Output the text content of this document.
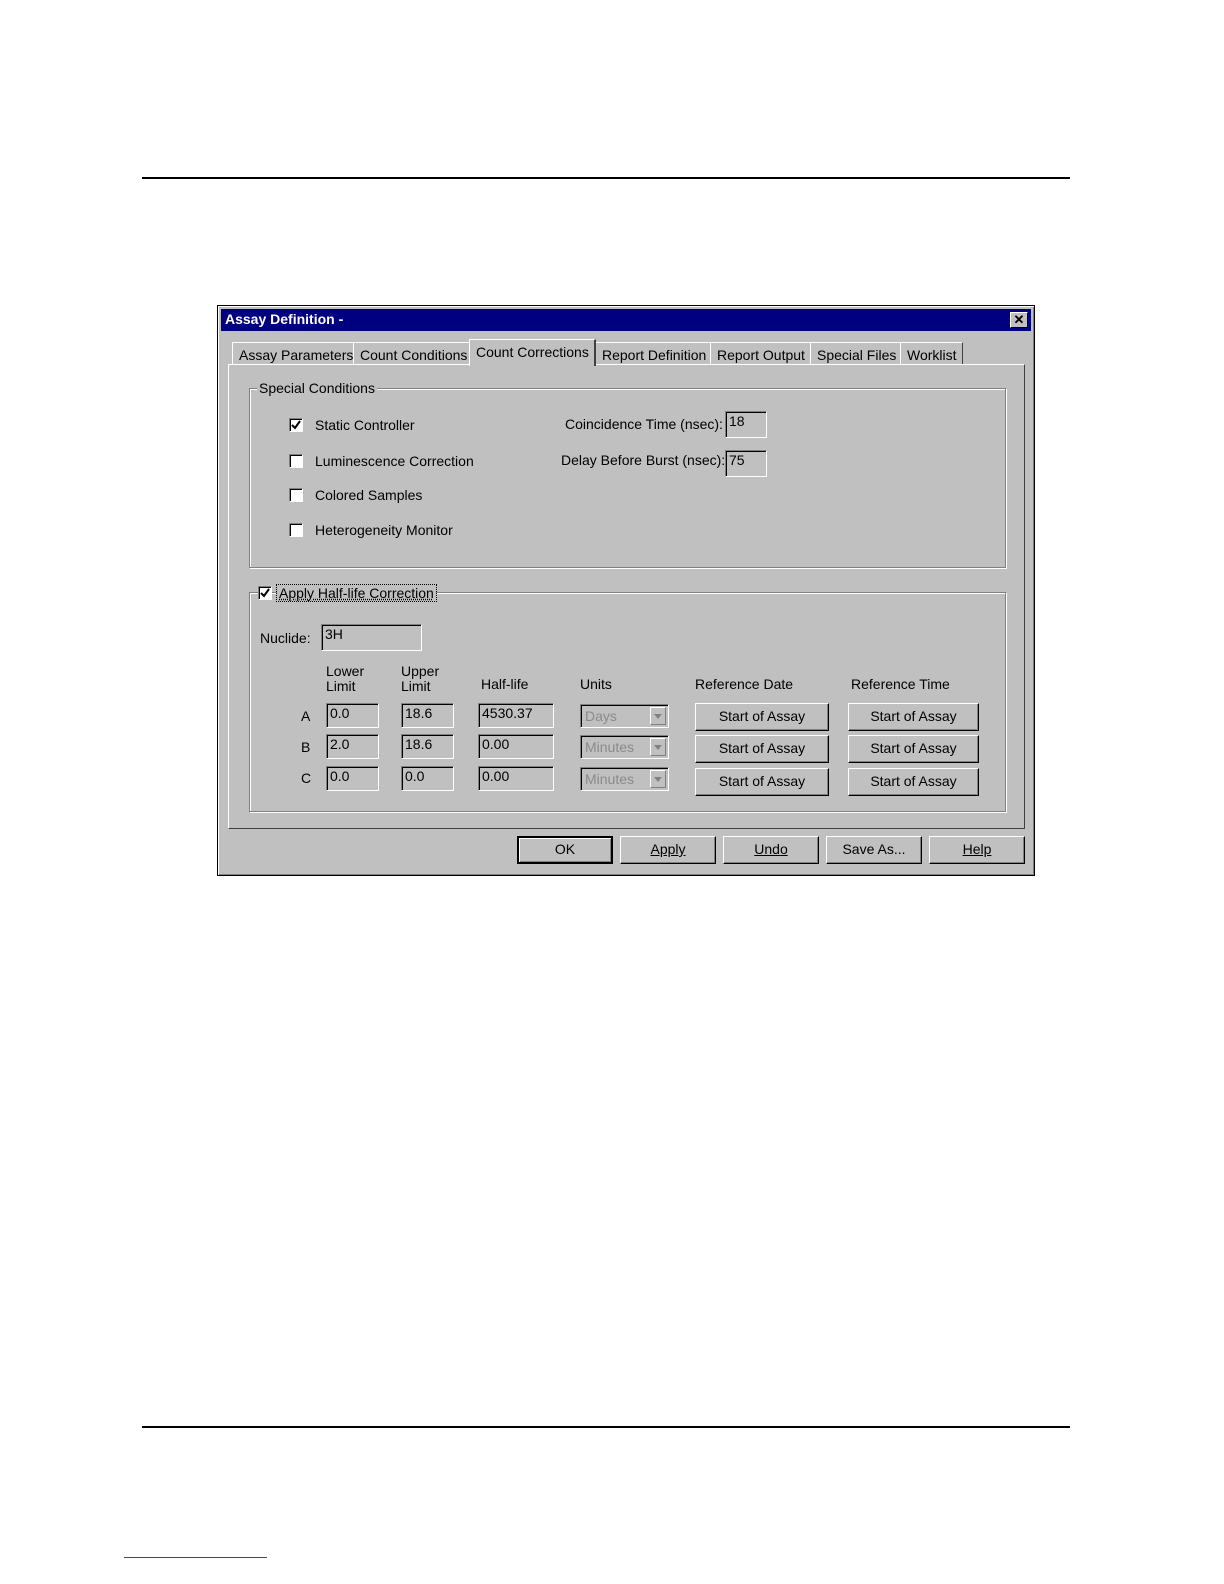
Assay Definition -	✕
Assay Parameters Count Conditions Count Corrections Report Definition Report Output Special Files Worklist
Special Conditions
Static Controller
Luminescence Correction
Colored Samples
Heterogeneity Monitor
Coincidence Time (nsec): 18
Delay Before Burst (nsec): 75
Apply Half-life Correction
Nuclide: 3H
Lower
Limit
Upper
Limit	Half-life	Units	Reference Date	Reference Time
A 0.0	18.6	4530.37	Days	Start of Assay	Start of Assay
B 2.0	18.6	0.00	Minutes	Start of Assay	Start of Assay
C 0.0	0.0	0.00	Minutes	Start of Assay	Start of Assay
OK	Apply	Undo	Save As...	Help
